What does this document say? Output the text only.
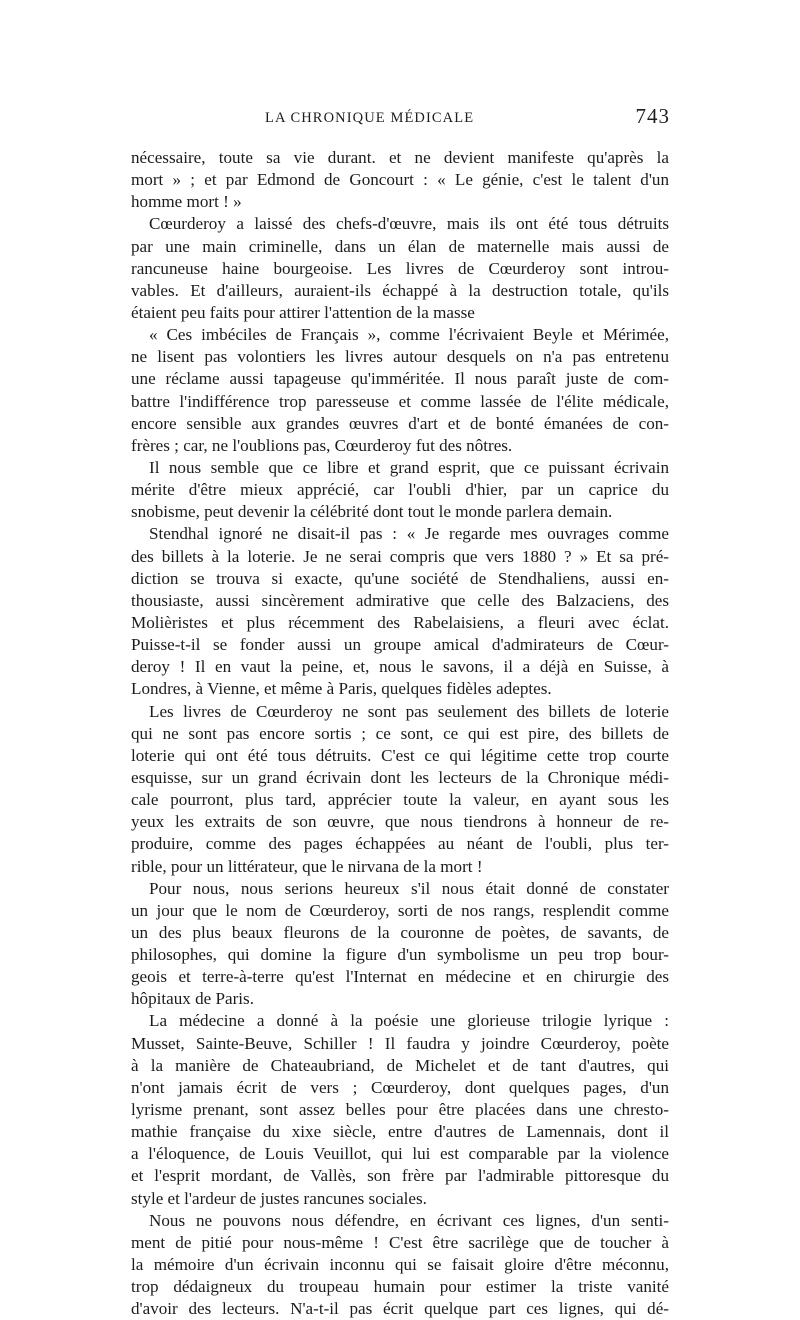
LA CHRONIQUE MÉDICALE	743

nécessaire, toute sa vie durant. et ne devient manifeste qu'après la
mort » ; et par Edmond de Goncourt : « Le génie, c'est le talent d'un
homme mort ! »

Cœurderoy a laissé des chefs-d'œuvre, mais ils ont été tous détruits
par une main criminelle, dans un élan de maternelle mais aussi de
rancuneuse haine bourgeoise. Les livres de Cœurderoy sont introu-
vables. Et d'ailleurs, auraient-ils échappé à la destruction totale, qu'ils
étaient peu faits pour attirer l'attention de la masse

« Ces imbéciles de Français », comme l'écrivaient Beyle et Mérimée,
ne lisent pas volontiers les livres autour desquels on n'a pas entretenu
une réclame aussi tapageuse qu'imméritée. Il nous paraît juste de com-
battre l'indifférence trop paresseuse et comme lassée de l'élite médicale,
encore sensible aux grandes œuvres d'art et de bonté émanées de con-
frères ; car, ne l'oublions pas, Cœurderoy fut des nôtres.

Il nous semble que ce libre et grand esprit, que ce puissant écrivain
mérite d'être mieux apprécié, car l'oubli d'hier, par un caprice du
snobisme, peut devenir la célébrité dont tout le monde parlera demain.

Stendhal ignoré ne disait-il pas : « Je regarde mes ouvrages comme
des billets à la loterie. Je ne serai compris que vers 1880 ? » Et sa pré-
diction se trouva si exacte, qu'une société de Stendhaliens, aussi en-
thousiaste, aussi sincèrement admirative que celle des Balzaciens, des
Molièristes et plus récemment des Rabelaisiens, a fleuri avec éclat.
Puisse-t-il se fonder aussi un groupe amical d'admirateurs de Cœur-
deroy ! Il en vaut la peine, et, nous le savons, il a déjà en Suisse, à
Londres, à Vienne, et même à Paris, quelques fidèles adeptes.

Les livres de Cœurderoy ne sont pas seulement des billets de loterie
qui ne sont pas encore sortis ; ce sont, ce qui est pire, des billets de
loterie qui ont été tous détruits. C'est ce qui légitime cette trop courte
esquisse, sur un grand écrivain dont les lecteurs de la Chronique médi-
cale pourront, plus tard, apprécier toute la valeur, en ayant sous les
yeux les extraits de son œuvre, que nous tiendrons à honneur de re-
produire, comme des pages échappées au néant de l'oubli, plus ter-
rible, pour un littérateur, que le nirvana de la mort !

Pour nous, nous serions heureux s'il nous était donné de constater
un jour que le nom de Cœurderoy, sorti de nos rangs, resplendit comme
un des plus beaux fleurons de la couronne de poètes, de savants, de
philosophes, qui domine la figure d'un symbolisme un peu trop bour-
geois et terre-à-terre qu'est l'Internat en médecine et en chirurgie des
hôpitaux de Paris.

La médecine a donné à la poésie une glorieuse trilogie lyrique :
Musset, Sainte-Beuve, Schiller ! Il faudra y joindre Cœurderoy, poète
à la manière de Chateaubriand, de Michelet et de tant d'autres, qui
n'ont jamais écrit de vers ; Cœurderoy, dont quelques pages, d'un
lyrisme prenant, sont assez belles pour être placées dans une chresto-
mathie française du xixe siècle, entre d'autres de Lamennais, dont il
a l'éloquence, de Louis Veuillot, qui lui est comparable par la violence
et l'esprit mordant, de Vallès, son frère par l'admirable pittoresque du
style et l'ardeur de justes rancunes sociales.

Nous ne pouvons nous défendre, en écrivant ces lignes, d'un senti-
ment de pitié pour nous-même ! C'est être sacrilège que de toucher à
la mémoire d'un écrivain inconnu qui se faisait gloire d'être méconnu,
trop dédaigneux du troupeau humain pour estimer la triste vanité
d'avoir des lecteurs. N'a-t-il pas écrit quelque part ces lignes, qui dé-
